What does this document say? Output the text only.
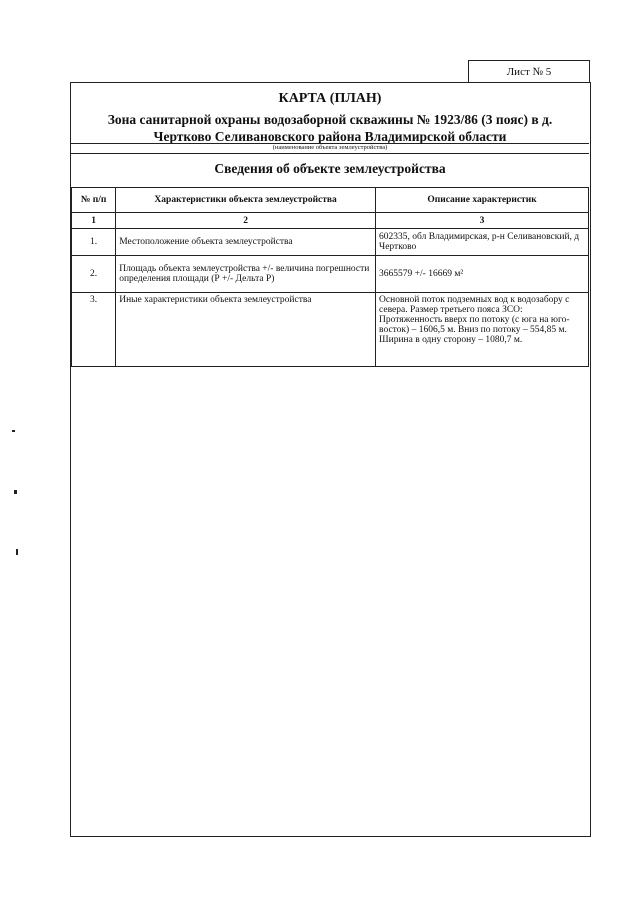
Лист № 5
КАРТА (ПЛАН)
Зона санитарной охраны водозаборной скважины № 1923/86 (3 пояс) в д.
Чертково Селивановского района Владимирской области
(наименование объекта землеустройства)
Сведения об объекте землеустройства
№ п/п	Характеристики объекта землеустройства	Описание характеристик
1	2	3
1.	Местоположение объекта землеустройства	602335, обл Владимирская, р-н Селивановский, д Чертково
2.	Площадь объекта землеустройства +/- величина погрешности определения площади (Р +/- Дельта Р)	3665579 +/- 16669 м²
3.	Иные характеристики объекта землеустройства	Основной поток подземных вод к водозабору с севера. Размер третьего пояса ЗСО: Протяженность вверх по потоку (с юга на юго-восток) – 1606,5 м. Вниз по потоку – 554,85 м. Ширина в одну сторону – 1080,7 м.
